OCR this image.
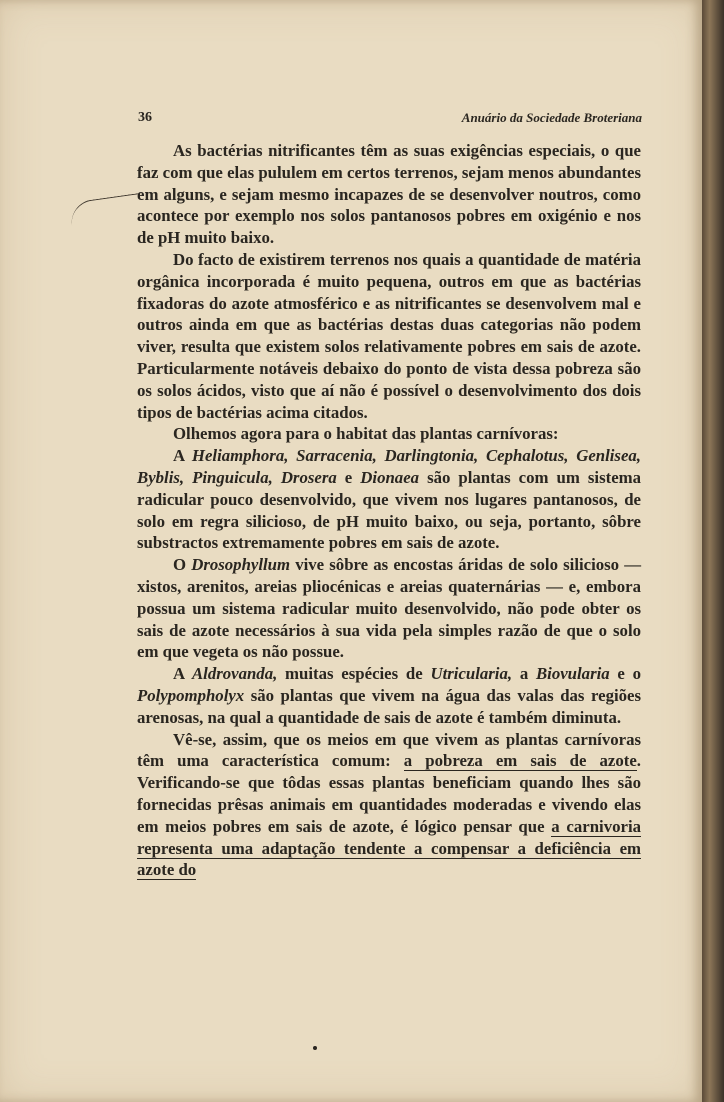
36	Anuário da Sociedade Broteriana

As bactérias nitrificantes têm as suas exigências especiais, o que faz com que elas pululem em certos terrenos, sejam menos abundantes em alguns, e sejam mesmo incapazes de se desenvolver noutros, como acontece por exemplo nos solos pantanosos pobres em oxigénio e nos de pH muito baixo.

Do facto de existirem terrenos nos quais a quantidade de matéria orgânica incorporada é muito pequena, outros em que as bactérias fixadoras do azote atmosférico e as nitrificantes se desenvolvem mal e outros ainda em que as bactérias destas duas categorias não podem viver, resulta que existem solos relativamente pobres em sais de azote. Particularmente notáveis debaixo do ponto de vista dessa pobreza são os solos ácidos, visto que aí não é possível o desenvolvimento dos dois tipos de bactérias acima citados.

Olhemos agora para o habitat das plantas carnívoras:

A Heliamphora, Sarracenia, Darlingtonia, Cephalotus, Genlisea, Byblis, Pinguicula, Drosera e Dionaea são plantas com um sistema radicular pouco desenvolvido, que vivem nos lugares pantanosos, de solo em regra silicioso, de pH muito baixo, ou seja, portanto, sôbre substractos extremamente pobres em sais de azote.

O Drosophyllum vive sôbre as encostas áridas de solo silicioso — xistos, arenitos, areias pliocénicas e areias quaternárias — e, embora possua um sistema radicular muito desenvolvido, não pode obter os sais de azote necessários à sua vida pela simples razão de que o solo em que vegeta os não possue.

A Aldrovanda, muitas espécies de Utricularia, a Biovularia e o Polypompholyx são plantas que vivem na água das valas das regiões arenosas, na qual a quantidade de sais de azote é também diminuta.

Vê-se, assim, que os meios em que vivem as plantas carnívoras têm uma característica comum: a pobreza em sais de azote. Verificando-se que tôdas essas plantas beneficiam quando lhes são fornecidas prêsas animais em quantidades moderadas e vivendo elas em meios pobres em sais de azote, é lógico pensar que a carnivoria representa uma adaptação tendente a compensar a deficiência em azote do
